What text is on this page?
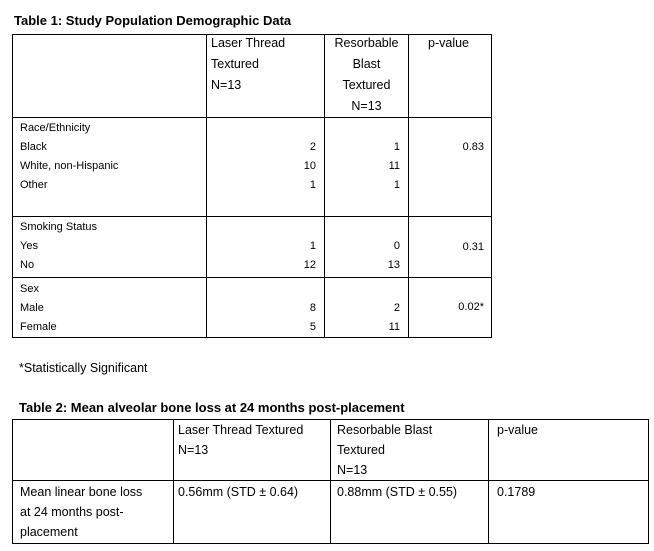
Table 1: Study Population Demographic Data
Laser Thread
Textured
N=13
Resorbable
Blast
Textured
N=13
p-value
Race/Ethnicity
Black
White, non-Hispanic
Other
2
10
1
1
11
1
0.83
Smoking Status
Yes
No
1
12
0
13
0.31
Sex
Male
Female
8
5
2
11
0.02*
*Statistically Significant
Table 2: Mean alveolar bone loss at 24 months post-placement
Laser Thread Textured
N=13
Resorbable Blast
Textured
N=13
p-value
Mean linear bone loss
at 24 months post-
placement
0.56mm (STD ± 0.64)	0.88mm (STD ± 0.55)	0.1789
